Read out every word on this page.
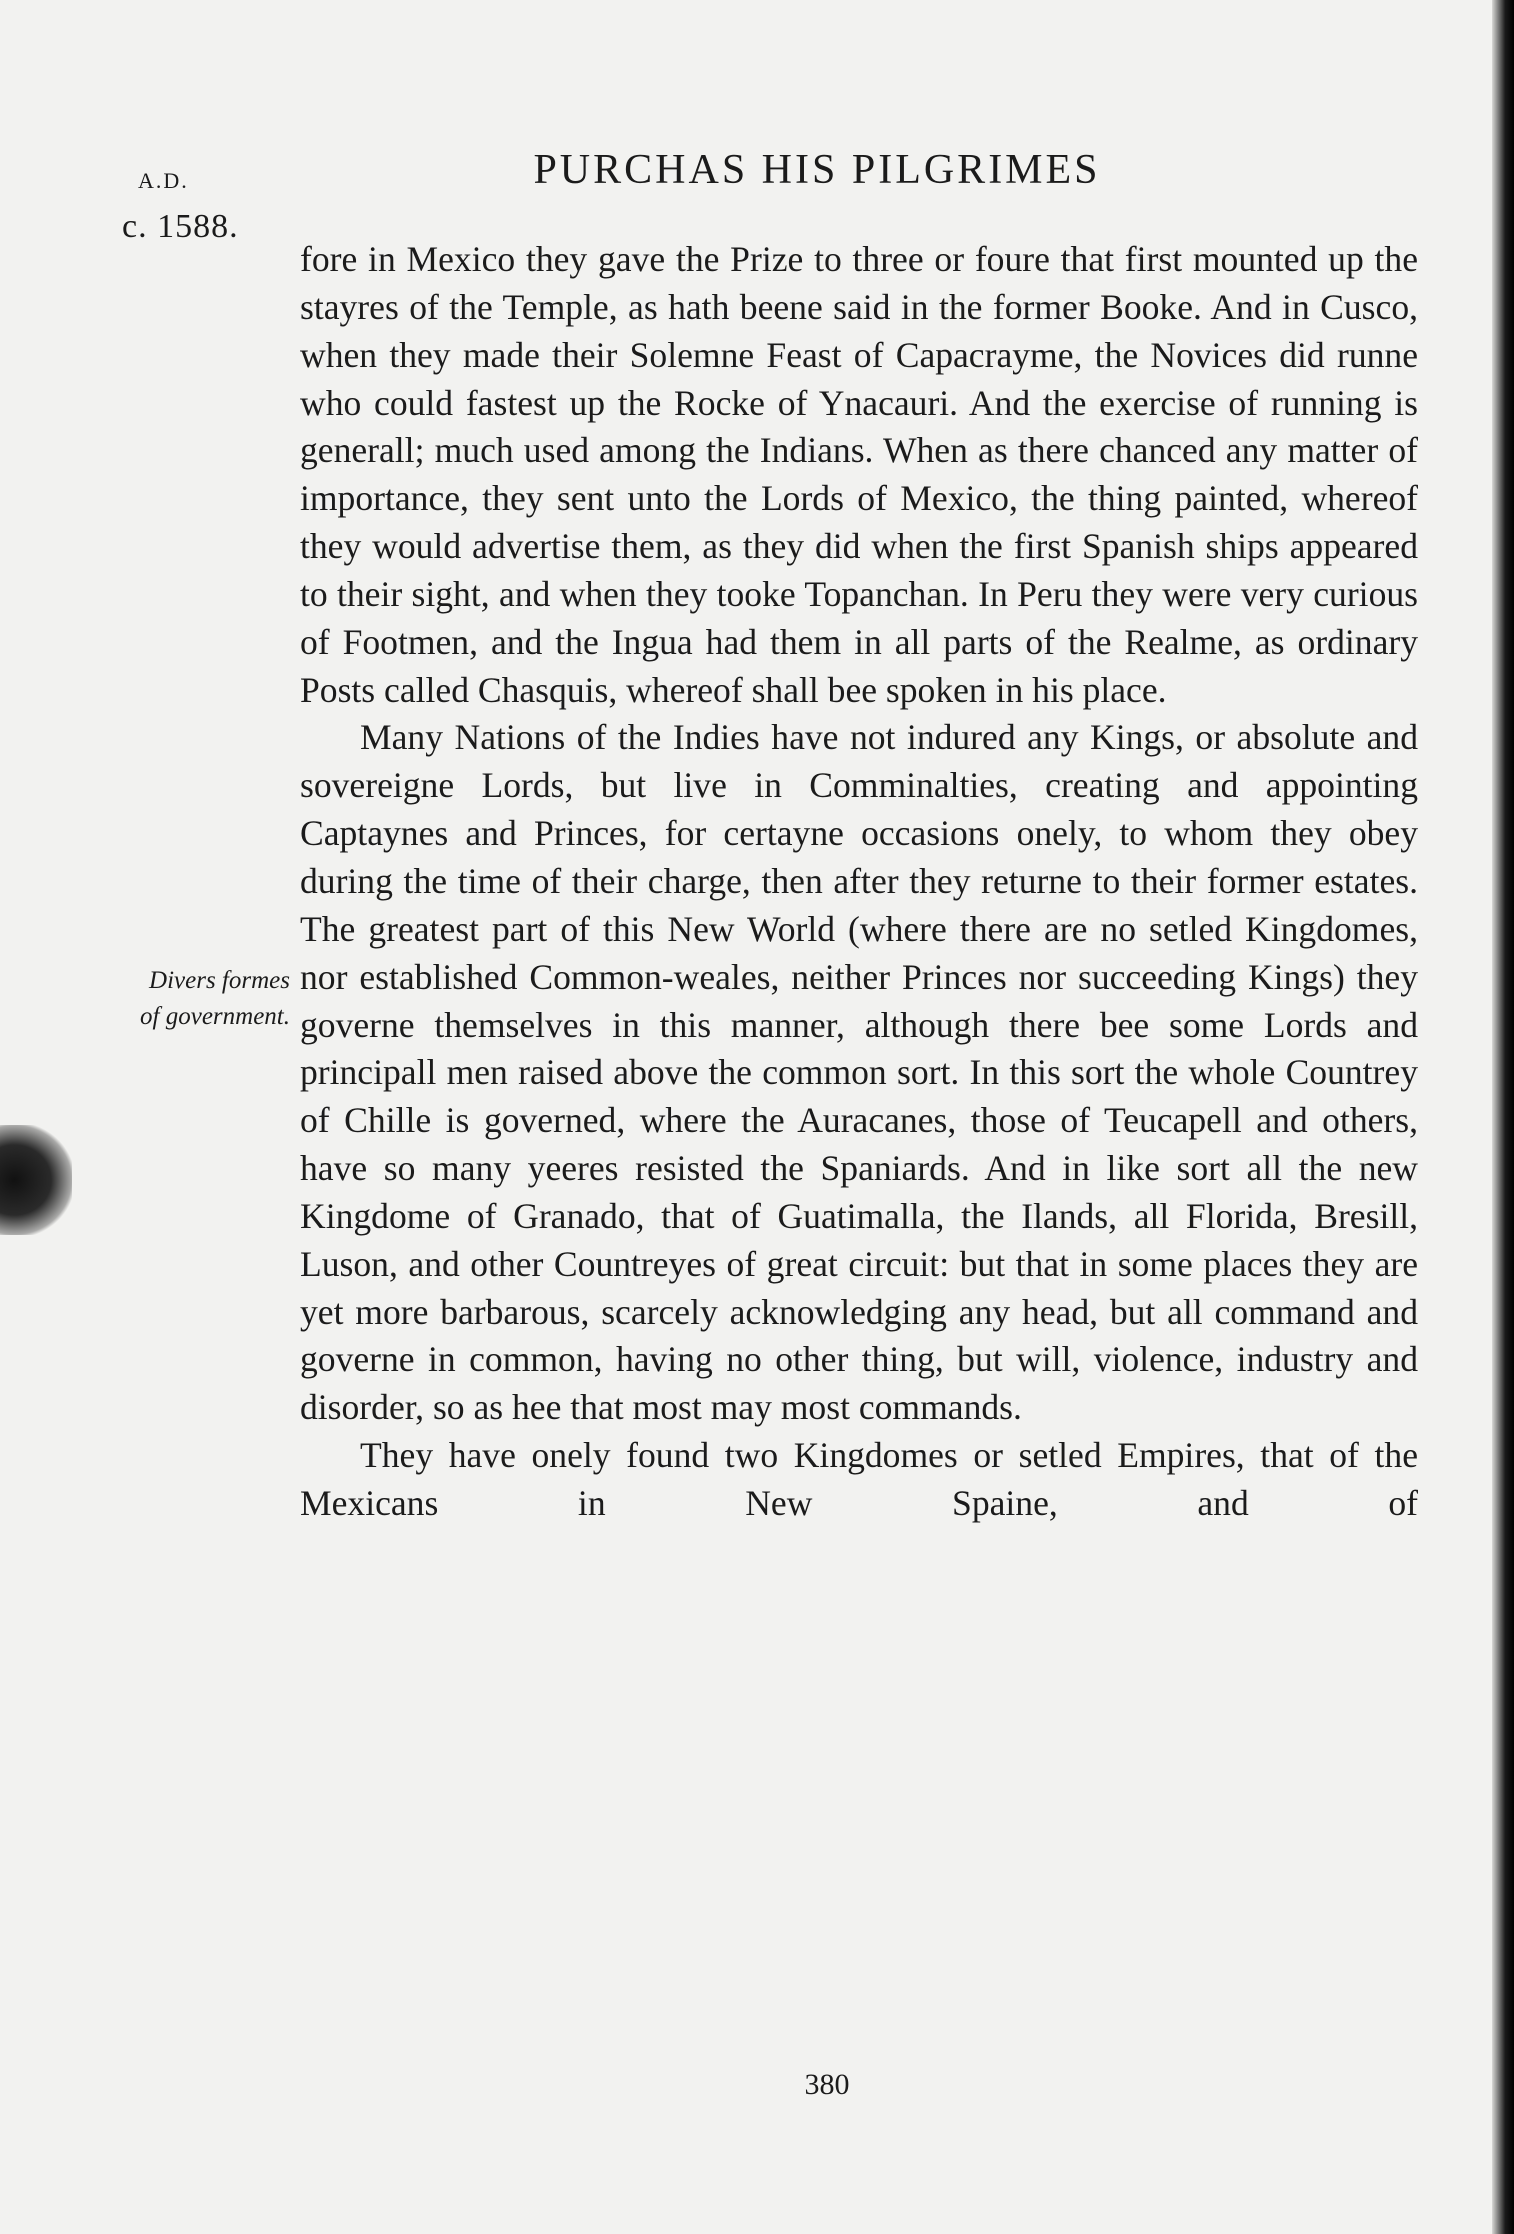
A.D.
c. 1588.
PURCHAS HIS PILGRIMES
Divers formes
of government.

fore in Mexico they gave the Prize to three or foure that first mounted up the stayres of the Temple, as hath beene said in the former Booke. And in Cusco, when they made their Solemne Feast of Capacrayme, the Novices did runne who could fastest up the Rocke of Ynacauri. And the exercise of running is generall; much used among the Indians. When as there chanced any matter of importance, they sent unto the Lords of Mexico, the thing painted, whereof they would advertise them, as they did when the first Spanish ships appeared to their sight, and when they tooke Topanchan. In Peru they were very curious of Footmen, and the Ingua had them in all parts of the Realme, as ordinary Posts called Chasquis, whereof shall bee spoken in his place.

Many Nations of the Indies have not indured any Kings, or absolute and sovereigne Lords, but live in Comminalties, creating and appointing Captaynes and Princes, for certayne occasions onely, to whom they obey during the time of their charge, then after they returne to their former estates. The greatest part of this New World (where there are no setled Kingdomes, nor established Common-weales, neither Princes nor succeeding Kings) they governe themselves in this manner, although there bee some Lords and principall men raised above the common sort. In this sort the whole Countrey of Chille is governed, where the Auracanes, those of Teucapell and others, have so many yeeres resisted the Spaniards. And in like sort all the new Kingdome of Granado, that of Guatimalla, the Ilands, all Florida, Bresill, Luson, and other Countreyes of great circuit: but that in some places they are yet more barbarous, scarcely acknowledging any head, but all command and governe in common, having no other thing, but will, violence, industry and disorder, so as hee that most may most commands.

They have onely found two Kingdomes or setled Empires, that of the Mexicans in New Spaine, and of

380
